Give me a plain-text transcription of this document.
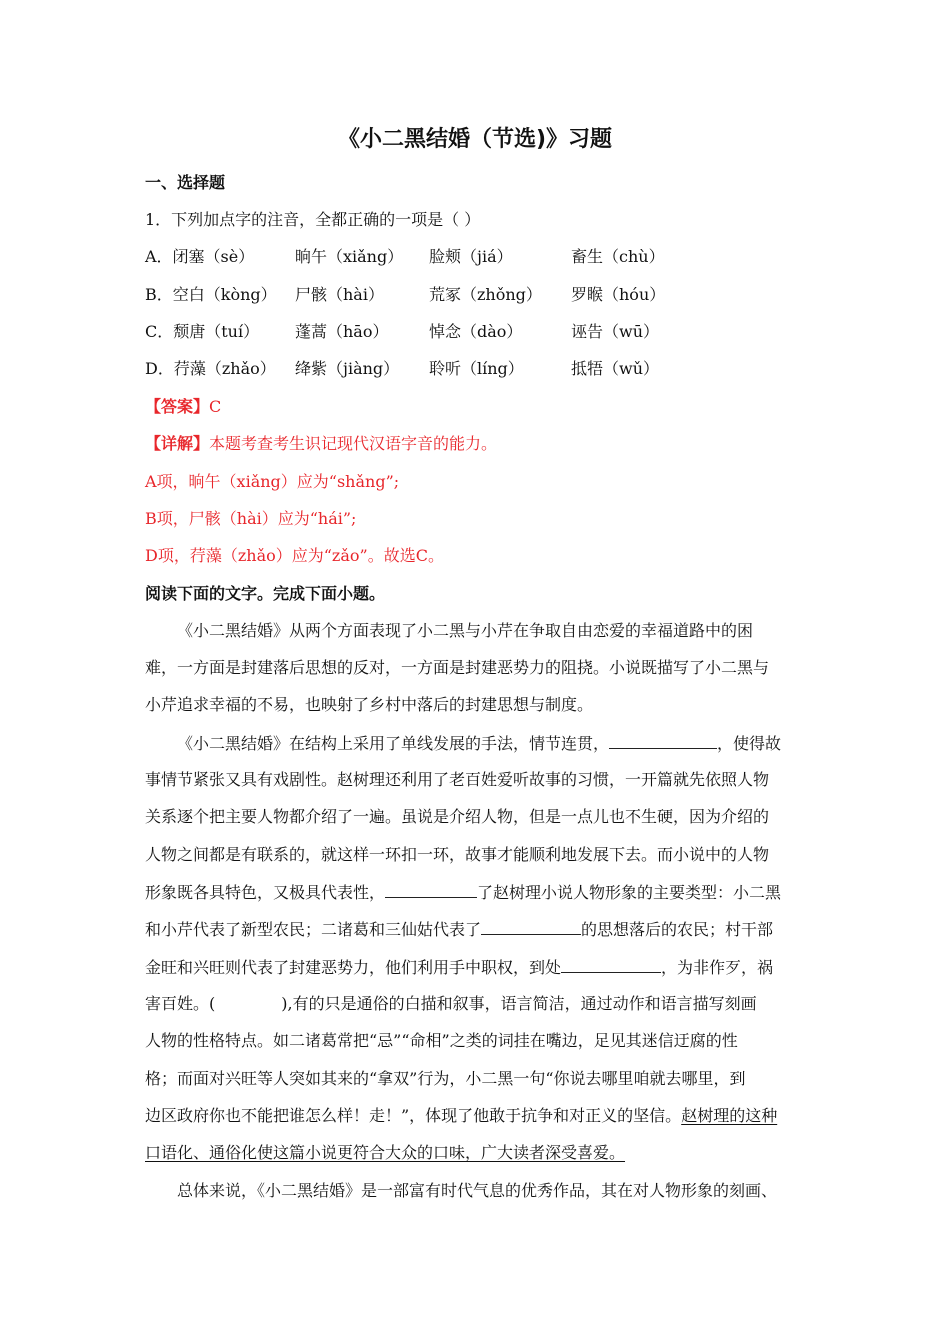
《小二黑结婚（节选)》习题
一、选择题
1．下列加点字的注音，全都正确的一项是（ ）
A．闭塞（sè）	晌午（xiǎng） 脸颊（jiá）	畜生（chù）
B．空白（kòng） 尸骸（hài）	荒冢（zhǒng） 罗睺（hóu）
C．颓唐（tuí） 蓬蒿（hāo）	悼念（dào）	诬告（wū）
D．荇藻（zhǎo） 绛紫（jiàng） 聆听（líng）	抵牾（wǔ）
【答案】C
【详解】本题考查考生识记现代汉语字音的能力。
A项，晌午（xiǎng）应为“shǎng”;
B项，尸骸（hài）应为“hái”;
D项，荇藻（zhǎo）应为“zǎo”。故选C。
阅读下面的文字。完成下面小题。
《小二黑结婚》从两个方面表现了小二黑与小芹在争取自由恋爱的幸福道路中的困
难，一方面是封建落后思想的反对，一方面是封建恶势力的阻挠。小说既描写了小二黑与
小芹追求幸福的不易，也映射了乡村中落后的封建思想与制度。
《小二黑结婚》在结构上采用了单线发展的手法，情节连贯，	，使得故
事情节紧张又具有戏剧性。赵树理还利用了老百姓爱听故事的习惯，一开篇就先依照人物
关系逐个把主要人物都介绍了一遍。虽说是介绍人物，但是一点儿也不生硬，因为介绍的
人物之间都是有联系的，就这样一环扣一环，故事才能顺利地发展下去。而小说中的人物
形象既各具特色，又极具代表性，	了赵树理小说人物形象的主要类型：小二黑
和小芹代表了新型农民；二诸葛和三仙姑代表了	的思想落后的农民；村干部
金旺和兴旺则代表了封建恶势力，他们利用手中职权，到处	，为非作歹，祸
害百姓。(	),有的只是通俗的白描和叙事，语言简洁，通过动作和语言描写刻画
人物的性格特点。如二诸葛常把“忌”“命相”之类的词挂在嘴边，足见其迷信迂腐的性
格；而面对兴旺等人突如其来的“拿双”行为，小二黑一句“你说去哪里咱就去哪里，到
边区政府你也不能把谁怎么样！走！”，体现了他敢于抗争和对正义的坚信。赵树理的这种
口语化、通俗化使这篇小说更符合大众的口味，广大读者深受喜爱。
总体来说，《小二黑结婚》是一部富有时代气息的优秀作品，其在对人物形象的刻画、
